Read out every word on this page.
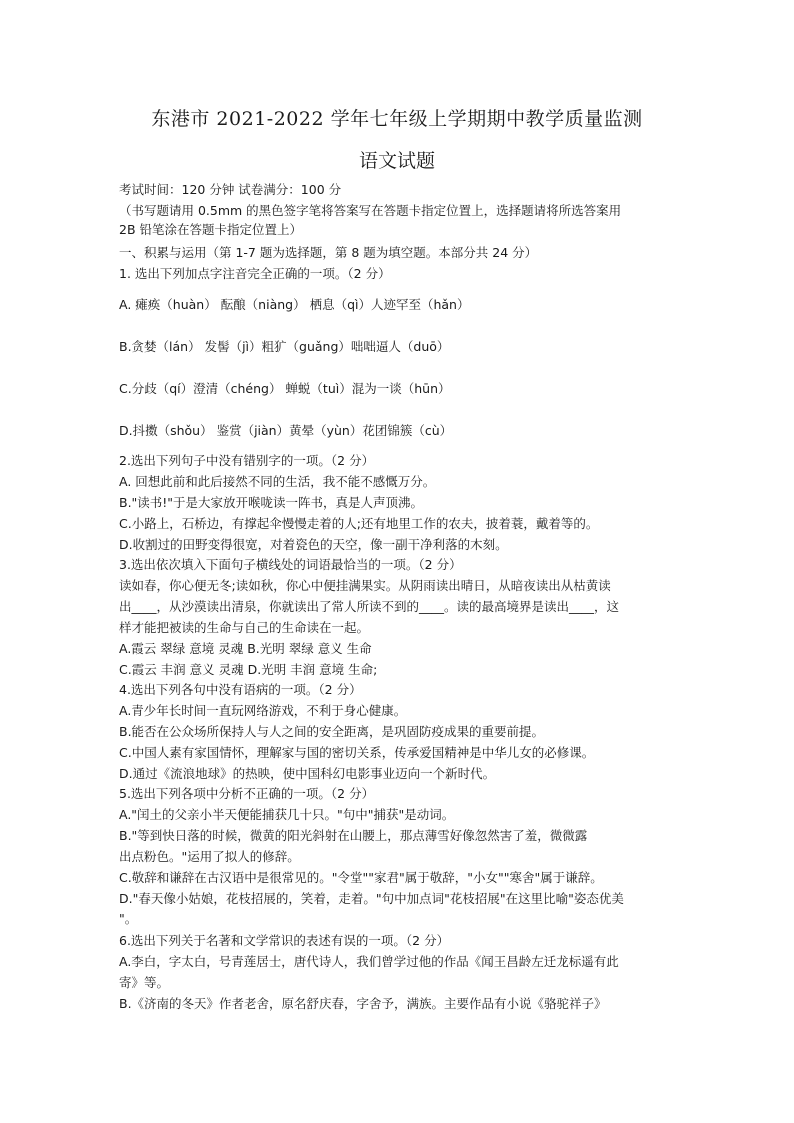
东港市 2021-2022 学年七年级上学期期中教学质量监测
语文试题
考试时间：120 分钟 试卷满分：100 分
（书写题请用 0.5mm 的黑色签字笔将答案写在答题卡指定位置上，选择题请将所选答案用
2B 铅笔涂在答题卡指定位置上）
一、积累与运用（第 1-7 题为选择题，第 8 题为填空题。本部分共 24 分）
1. 选出下列加点字注音完全正确的一项。（2 分）
A. 瘫痪（huàn） 酝酿（niàng） 栖息（qì）人迹罕至（hǎn）
B.贪婪（lán） 发髻（jì）粗犷（guǎng）咄咄逼人（duō）
C.分歧（qí）澄清（chéng） 蝉蜕（tuì）混为一谈（hūn）
D.抖擞（shǒu） 鉴赏（jiàn）黄晕（yùn）花团锦簇（cù）
2.选出下列句子中没有错别字的一项。（2 分）
A. 回想此前和此后接然不同的生活，我不能不感慨万分。
B."读书!"于是大家放开喉咙读一阵书，真是人声顶沸。
C.小路上，石桥边，有撑起伞慢慢走着的人;还有地里工作的农夫，披着蓑，戴着等的。
D.收割过的田野变得很宽，对着瓷色的天空，像一副干净利落的木刻。
3.选出依次填入下面句子横线处的词语最恰当的一项。（2 分）
读如春，你心便无冬;读如秋，你心中便挂满果实。从阴雨读出晴日，从暗夜读出从枯黄读
出____，从沙漠读出清泉，你就读出了常人所读不到的____。读的最高境界是读出____，这
样才能把被读的生命与自己的生命读在一起。
A.霞云 翠绿 意境 灵魂 B.光明 翠绿 意义 生命
C.霞云 丰润 意义 灵魂 D.光明 丰润 意境 生命;
4.选出下列各句中没有语病的一项。（2 分）
A.青少年长时间一直玩网络游戏，不利于身心健康。
B.能否在公众场所保持人与人之间的安全距离，是巩固防疫成果的重要前提。
C.中国人素有家国情怀，理解家与国的密切关系，传承爱国精神是中华儿女的必修课。
D.通过《流浪地球》的热映，使中国科幻电影事业迈向一个新时代。
5.选出下列各项中分析不正确的一项。（2 分）
A."闰土的父亲小半天便能捕获几十只。"句中"捕获"是动词。
B."等到快日落的时候，微黄的阳光斜射在山腰上，那点薄雪好像忽然害了羞，微微露
出点粉色。"运用了拟人的修辞。
C.敬辞和谦辞在古汉语中是很常见的。"令堂""家君"属于敬辞，"小女""寒舍"属于谦辞。
D."春天像小姑娘，花枝招展的，笑着，走着。"句中加点词"花枝招展"在这里比喻"姿态优美
"。
6.选出下列关于名著和文学常识的表述有误的一项。（2 分）
A.李白，字太白，号青莲居士，唐代诗人，我们曾学过他的作品《闻王昌龄左迁龙标遥有此
寄》等。
B.《济南的冬天》作者老舍，原名舒庆春，字舍予，满族。主要作品有小说《骆驼祥子》
